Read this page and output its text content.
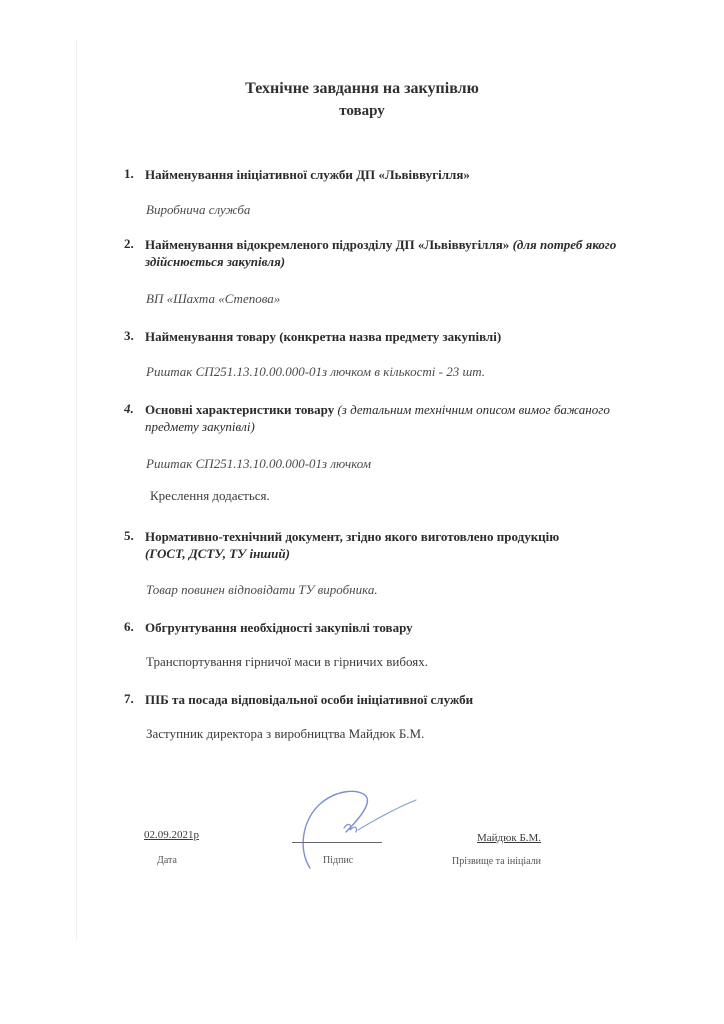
Технічне завдання на закупівлю
товару
1. Найменування ініціативної служби ДП «Львіввугілля»
Виробнича служба
2. Найменування відокремленого підрозділу ДП «Львіввугілля» (для потреб якого здійснюється закупівля)
ВП «Шахта «Степова»
3. Найменування товару (конкретна назва предмету закупівлі)
Риштак СП251.13.10.00.000-01з лючком в кількості - 23 шт.
4. Основні характеристики товару (з детальним технічним описом вимог бажаного предмету закупівлі)
Риштак СП251.13.10.00.000-01з лючком
Креслення додається.
5. Нормативно-технічний документ, згідно якого виготовлено продукцію
(ГОСТ, ДСТУ, ТУ інший)
Товар повинен відповідати ТУ виробника.
6. Обгрунтування необхідності закупівлі товару
Транспортування гірничої маси в гірничих вибоях.
7. ПІБ та посада відповідальної особи ініціативної служби
Заступник директора з виробництва Майдюк Б.М.
02.09.2021р
Дата	Підпис
Майдюк Б.М.
Прізвище та ініціали
